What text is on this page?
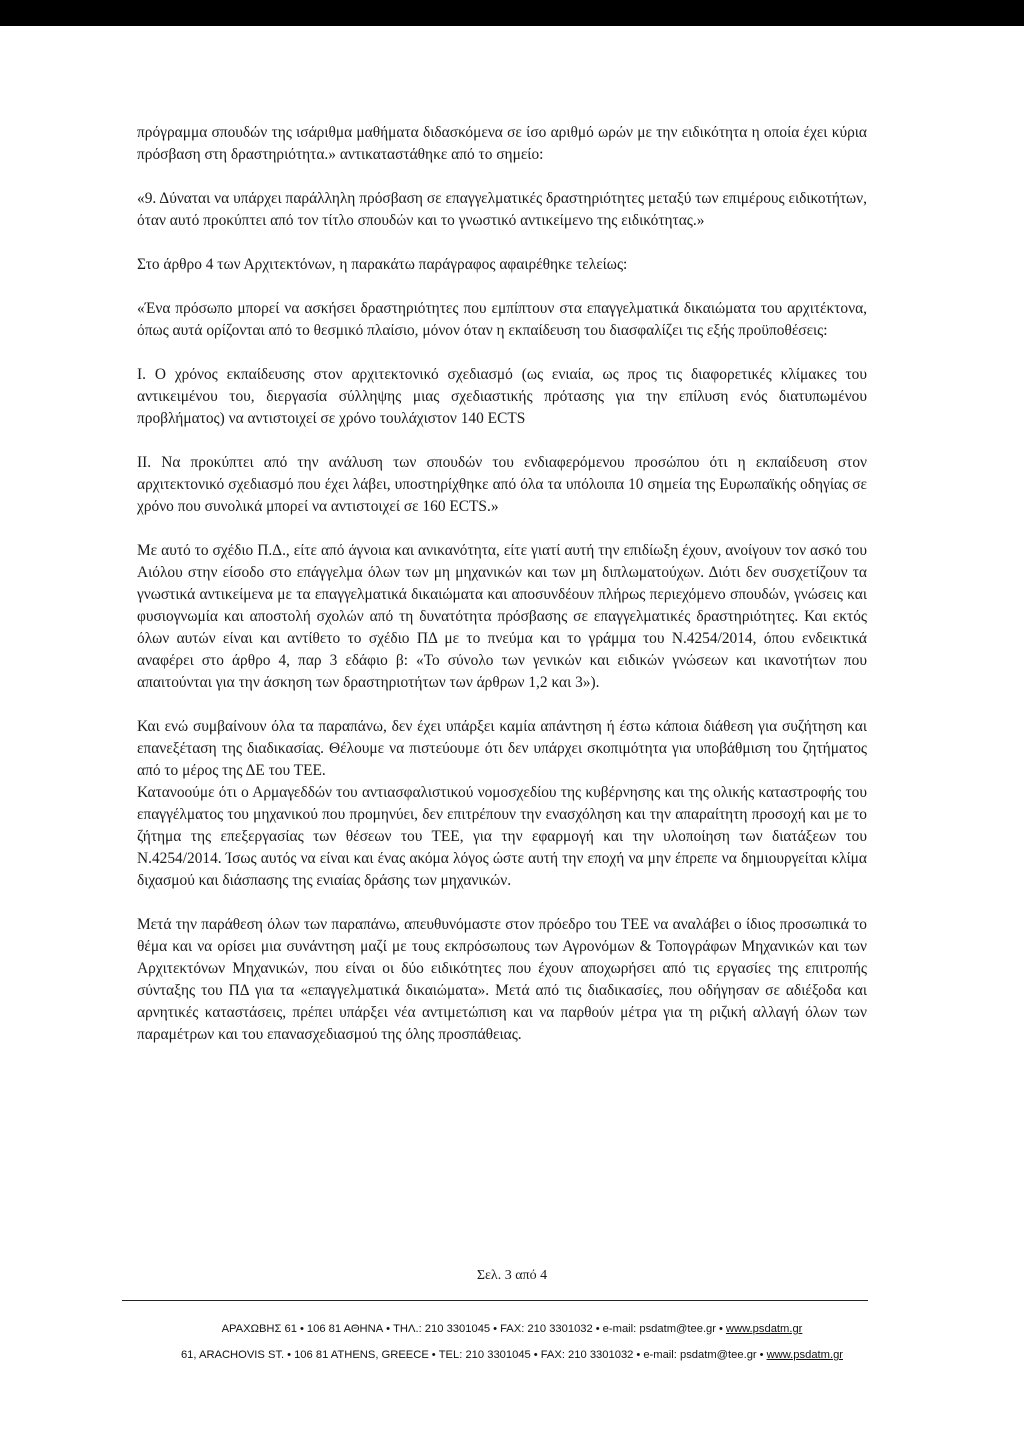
πρόγραμμα σπουδών της ισάριθμα μαθήματα διδασκόμενα σε ίσο αριθμό ωρών με την ειδικότητα η οποία έχει κύρια πρόσβαση στη δραστηριότητα.» αντικαταστάθηκε από το σημείο:

«9. Δύναται να υπάρχει παράλληλη πρόσβαση σε επαγγελματικές δραστηριότητες μεταξύ των επιμέρους ειδικοτήτων, όταν αυτό προκύπτει από τον τίτλο σπουδών και το γνωστικό αντικείμενο της ειδικότητας.»

Στο άρθρο 4 των Αρχιτεκτόνων, η παρακάτω παράγραφος αφαιρέθηκε τελείως:

«Ένα πρόσωπο μπορεί να ασκήσει δραστηριότητες που εμπίπτουν στα επαγγελματικά δικαιώματα του αρχιτέκτονα, όπως αυτά ορίζονται από το θεσμικό πλαίσιο, μόνον όταν η εκπαίδευση του διασφαλίζει τις εξής προϋποθέσεις:

I. Ο χρόνος εκπαίδευσης στον αρχιτεκτονικό σχεδιασμό (ως ενιαία, ως προς τις διαφορετικές κλίμακες του αντικειμένου του, διεργασία σύλληψης μιας σχεδιαστικής πρότασης για την επίλυση ενός διατυπωμένου προβλήματος) να αντιστοιχεί σε χρόνο τουλάχιστον 140 ECTS

II. Να προκύπτει από την ανάλυση των σπουδών του ενδιαφερόμενου προσώπου ότι η εκπαίδευση στον αρχιτεκτονικό σχεδιασμό που έχει λάβει, υποστηρίχθηκε από όλα τα υπόλοιπα 10 σημεία της Ευρωπαϊκής οδηγίας σε χρόνο που συνολικά μπορεί να αντιστοιχεί σε 160 ECTS.»

Με αυτό το σχέδιο Π.Δ., είτε από άγνοια και ανικανότητα, είτε γιατί αυτή την επιδίωξη έχουν, ανοίγουν τον ασκό του Αιόλου στην είσοδο στο επάγγελμα όλων των μη μηχανικών και των μη διπλωματούχων. Διότι δεν συσχετίζουν τα γνωστικά αντικείμενα με τα επαγγελματικά δικαιώματα και αποσυνδέουν πλήρως περιεχόμενο σπουδών, γνώσεις και φυσιογνωμία και αποστολή σχολών από τη δυνατότητα πρόσβασης σε επαγγελματικές δραστηριότητες. Και εκτός όλων αυτών είναι και αντίθετο το σχέδιο ΠΔ με το πνεύμα και το γράμμα του Ν.4254/2014, όπου ενδεικτικά αναφέρει στο άρθρο 4, παρ 3 εδάφιο β: «Το σύνολο των γενικών και ειδικών γνώσεων και ικανοτήτων που απαιτούνται για την άσκηση των δραστηριοτήτων των άρθρων 1,2 και 3»).

Και ενώ συμβαίνουν όλα τα παραπάνω, δεν έχει υπάρξει καμία απάντηση ή έστω κάποια διάθεση για συζήτηση και επανεξέταση της διαδικασίας. Θέλουμε να πιστεύουμε ότι δεν υπάρχει σκοπιμότητα για υποβάθμιση του ζητήματος από το μέρος της ΔΕ του ΤΕΕ.

Κατανοούμε ότι ο Αρμαγεδδών του αντιασφαλιστικού νομοσχεδίου της κυβέρνησης και της ολικής καταστροφής του επαγγέλματος του μηχανικού που προμηνύει, δεν επιτρέπουν την ενασχόληση και την απαραίτητη προσοχή και με το ζήτημα της επεξεργασίας των θέσεων του ΤΕΕ, για την εφαρμογή και την υλοποίηση των διατάξεων του Ν.4254/2014. Ίσως αυτός να είναι και ένας ακόμα λόγος ώστε αυτή την εποχή να μην έπρεπε να δημιουργείται κλίμα διχασμού και διάσπασης της ενιαίας δράσης των μηχανικών.

Μετά την παράθεση όλων των παραπάνω, απευθυνόμαστε στον πρόεδρο του ΤΕΕ να αναλάβει ο ίδιος προσωπικά το θέμα και να ορίσει μια συνάντηση μαζί με τους εκπρόσωπους των Αγρονόμων & Τοπογράφων Μηχανικών και των Αρχιτεκτόνων Μηχανικών, που είναι οι δύο ειδικότητες που έχουν αποχωρήσει από τις εργασίες της επιτροπής σύνταξης του ΠΔ για τα «επαγγελματικά δικαιώματα». Μετά από τις διαδικασίες, που οδήγησαν σε αδιέξοδα και αρνητικές καταστάσεις, πρέπει υπάρξει νέα αντιμετώπιση και να παρθούν μέτρα για τη ριζική αλλαγή όλων των παραμέτρων και του επανασχεδιασμού της όλης προσπάθειας.

Σελ. 3 από 4
ΑΡΑΧΩΒΗΣ 61 • 106 81 ΑΘΗΝΑ • ΤΗΛ.: 210 3301045 • FAX: 210 3301032 • e-mail: psdatm@tee.gr • www.psdatm.gr
61, ARACHOVIS ST. • 106 81 ATHENS, GREECE • TEL: 210 3301045 • FAX: 210 3301032 • e-mail: psdatm@tee.gr • www.psdatm.gr
